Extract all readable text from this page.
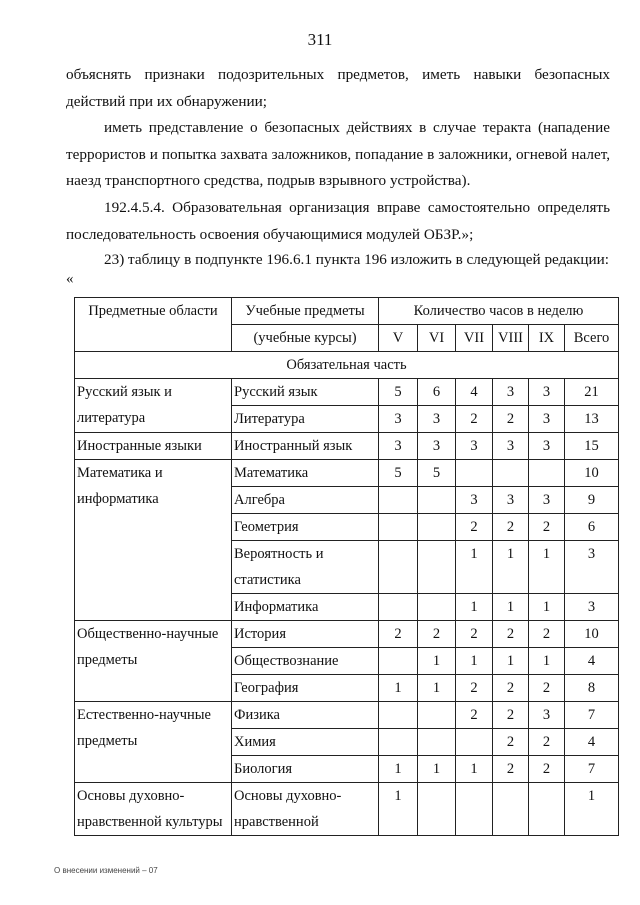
311

объяснять признаки подозрительных предметов, иметь навыки безопасных действий при их обнаружении;

иметь представление о безопасных действиях в случае теракта (нападение террористов и попытка захвата заложников, попадание в заложники, огневой налет, наезд транспортного средства, подрыв взрывного устройства).

192.4.5.4. Образовательная организация вправе самостоятельно определять последовательность освоения обучающимися модулей ОБЗР.»;

23) таблицу в подпункте 196.6.1 пункта 196 изложить в следующей редакции:

«
Предметные области	Учебные предметы	Количество часов в неделю					
	(учебные курсы)	V	VI	VII	VIII	IX	Всего
Обязательная часть							
Русский язык и литература	Русский язык	5	6	4	3	3	21
	Литература	3	3	2	2	3	13
Иностранные языки	Иностранный язык	3	3	3	3	3	15
Математика и информатика	Математика	5	5				10
	Алгебра			3	3	3	9
	Геометрия			2	2	2	6
	Вероятность и статистика			1	1	1	3
	Информатика			1	1	1	3
Общественно-научные предметы	История	2	2	2	2	2	10
	Обществознание		1	1	1	1	4
	География	1	1	2	2	2	8
Естественно-научные предметы	Физика			2	2	3	7
	Химия				2	2	4
	Биология	1	1	1	2	2	7
Основы духовно-нравственной культуры	Основы духовно-нравственной	1					1
О внесении изменений – 07
